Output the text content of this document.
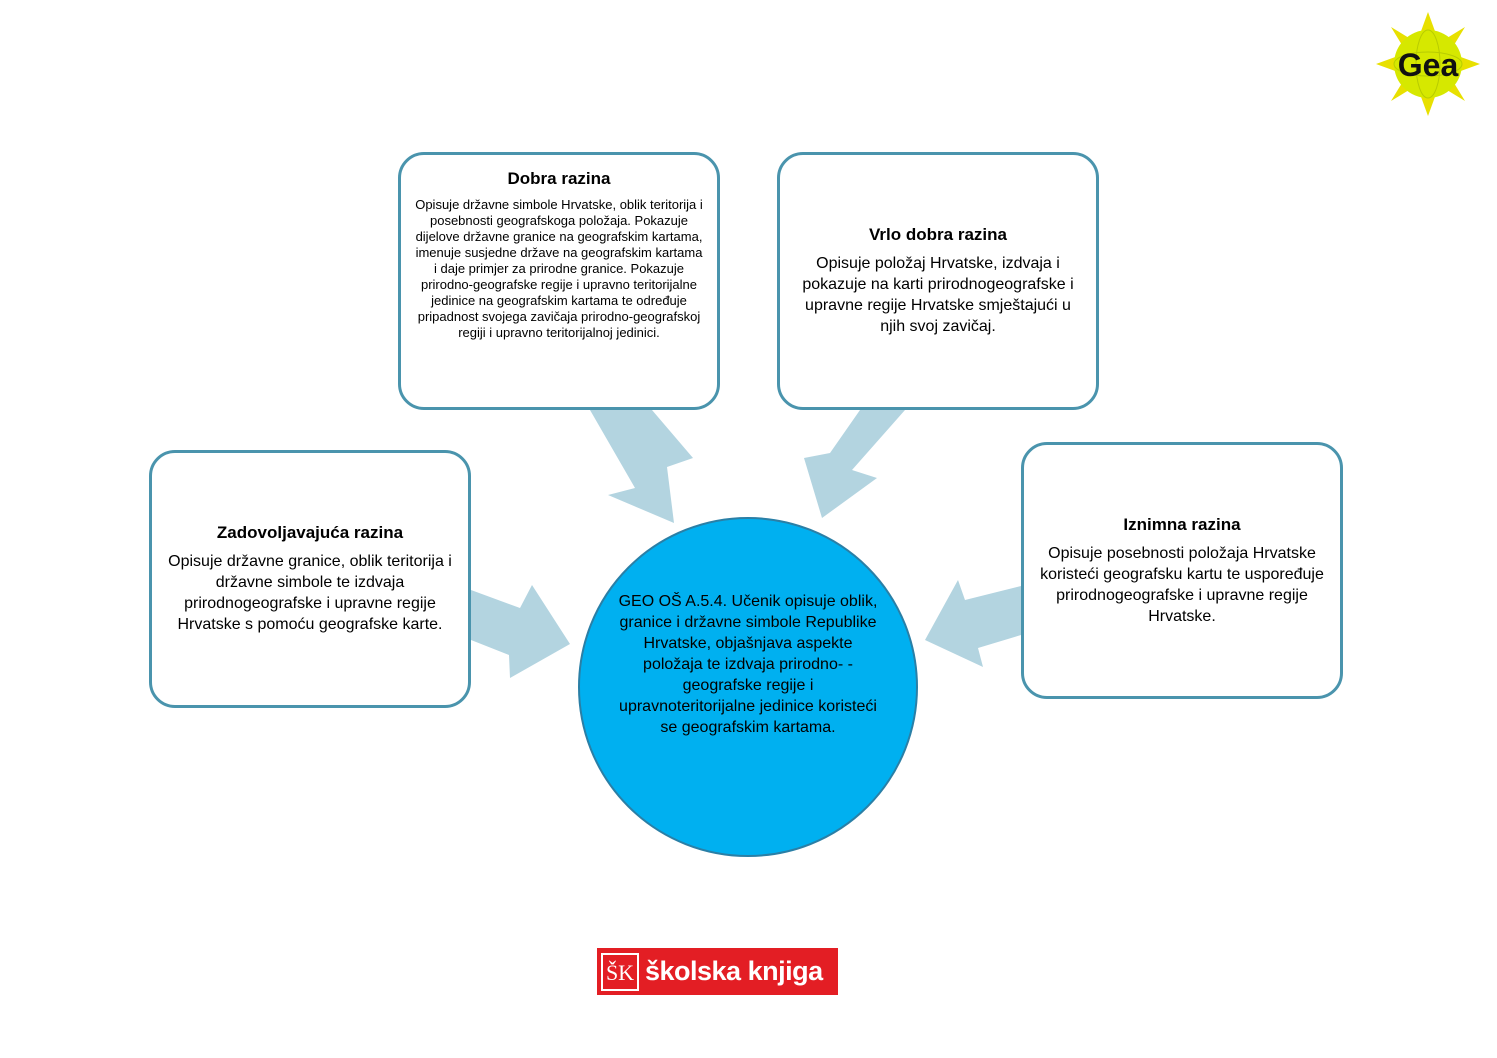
Dobra razina
Opisuje državne simbole Hrvatske, oblik teritorija i posebnosti geografskoga položaja. Pokazuje dijelove državne granice na geografskim kartama, imenuje susjedne države na geografskim kartama i daje primjer za prirodne granice. Pokazuje prirodno-geografske regije i upravno teritorijalne jedinice na geografskim kartama te određuje pripadnost svojega zavičaja prirodno-geografskoj regiji i upravno teritorijalnoj jedinici.
Vrlo dobra razina
Opisuje položaj Hrvatske, izdvaja i pokazuje na karti prirodnogeografske i upravne regije Hrvatske smještajući u njih svoj zavičaj.
Zadovoljavajuća razina
Opisuje državne granice, oblik teritorija i državne simbole te izdvaja prirodnogeografske i upravne regije Hrvatske s pomoću geografske karte.
Iznimna razina
Opisuje posebnosti položaja Hrvatske koristeći geografsku kartu te uspoređuje prirodnogeografske i upravne regije Hrvatske.
GEO OŠ A.5.4. Učenik opisuje oblik, granice i državne simbole Republike Hrvatske, objašnjava aspekte položaja te izdvaja prirodno- - geografske regije i upravnoteritorijalne jedinice koristeći se geografskim kartama.
Gea
ŠK školska knjiga
